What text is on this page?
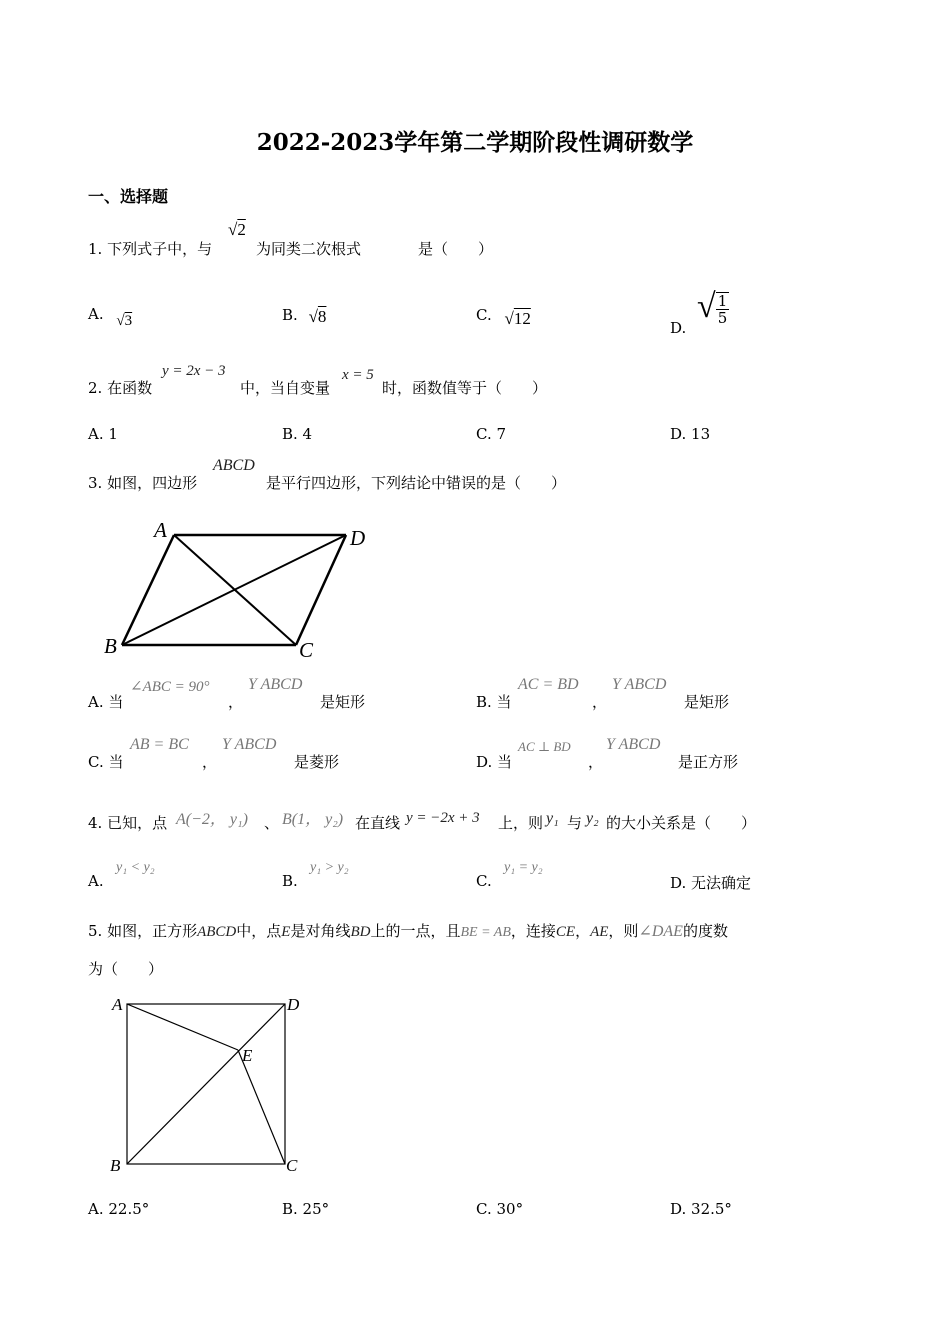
2022-2023学年第二学期阶段性调研数学
一、选择题
1. 下列式子中，与
√2
为同类二次根式	是（　　）
A. √3	B. √8	C. √12	D. √ $\frac{1}{5}$
2. 在函数
y = 2x − 3
中，当自变量
x = 5
时，函数值等于（　　）
A. 1	B. 4	C. 7	D. 13
3. 如图，四边形
ABCD
是平行四边形，下列结论中错误的是（　　）
A	D
B	C
A. 当
∠ABC = 90°
，
Y ABCD
是矩形	B. 当
AC = BD
，
Y ABCD
是矩形
C. 当
AB = BC
，
Y ABCD
是菱形	D. 当
AC ⊥ BD
，
Y ABCD
是正方形
4. 已知，点 A(−2， y₁) 、 B(1， y₂) 在直线 y = −2x + 3 上，则 y₁ 与 y₂ 的大小关系是（　　）
A.
y₁ < y₂
B.
y₁ > y₂
C.
y₁ = y₂
D. 无法确定
5. 如图，正方形ABCD中，点E是对角线BD上的一点，且BE = AB，连接CE，AE，则∠DAE的度数
为（　　）
A	D
E
B	C
A. 22.5°	B. 25°	C. 30°	D. 32.5°
